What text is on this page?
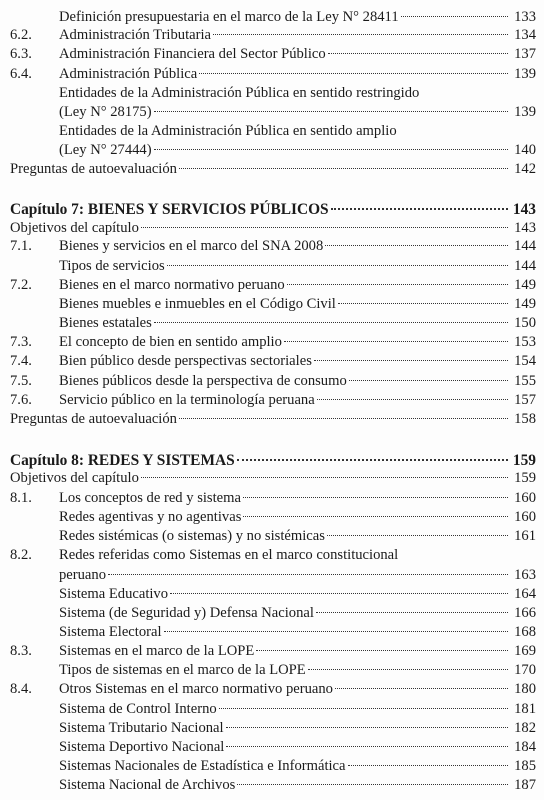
Definición presupuestaria en el marco de la Ley N° 28411	133
6.2. Administración Tributaria	134
6.3. Administración Financiera del Sector Público	137
6.4. Administración Pública	139
Entidades de la Administración Pública en sentido restringido
(Ley N° 28175)	139
Entidades de la Administración Pública en sentido amplio
(Ley N° 27444)	140
Preguntas de autoevaluación	142
Capítulo 7: BIENES Y SERVICIOS PÚBLICOS	143
Objetivos del capítulo	143
7.1. Bienes y servicios en el marco del SNA 2008	144
Tipos de servicios	144
7.2. Bienes en el marco normativo peruano	149
Bienes muebles e inmuebles en el Código Civil	149
Bienes estatales	150
7.3. El concepto de bien en sentido amplio	153
7.4. Bien público desde perspectivas sectoriales	154
7.5. Bienes públicos desde la perspectiva de consumo	155
7.6. Servicio público en la terminología peruana	157
Preguntas de autoevaluación	158
Capítulo 8: REDES Y SISTEMAS	159
Objetivos del capítulo	159
8.1. Los conceptos de red y sistema	160
Redes agentivas y no agentivas	160
Redes sistémicas (o sistemas) y no sistémicas	161
8.2. Redes referidas como Sistemas en el marco constitucional
peruano	163
Sistema Educativo	164
Sistema (de Seguridad y) Defensa Nacional	166
Sistema Electoral	168
8.3. Sistemas en el marco de la LOPE	169
Tipos de sistemas en el marco de la LOPE	170
8.4. Otros Sistemas en el marco normativo peruano	180
Sistema de Control Interno	181
Sistema Tributario Nacional	182
Sistema Deportivo Nacional	184
Sistemas Nacionales de Estadística e Informática	185
Sistema Nacional de Archivos	187
